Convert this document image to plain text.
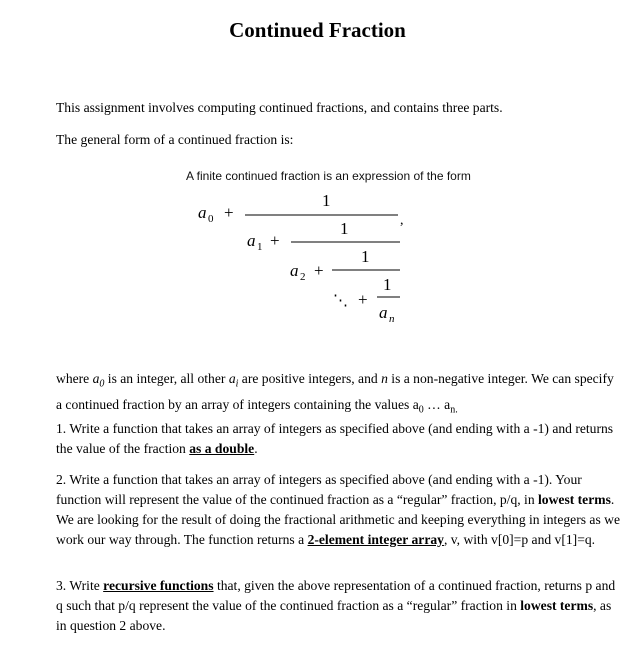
Continued Fraction
This assignment involves computing continued fractions, and contains three parts.
The general form of a continued fraction is:
A finite continued fraction is an expression of the form
1
a 0 +	,
1
a 1 +
1
a 2 +
1
⋱ +
a n
where $a_0$ is an integer, all other $a_i$ are positive integers, and n is a non-negative integer. We can specify a continued fraction by an array of integers containing the values $a_0$ … $a_{n.}$
1. Write a function that takes an array of integers as specified above (and ending with a -1) and returns the value of the fraction as a double.
2. Write a function that takes an array of integers as specified above (and ending with a -1). Your function will represent the value of the continued fraction as a “regular” fraction, p/q, in lowest terms. We are looking for the result of doing the fractional arithmetic and keeping everything in integers as we work our way through. The function returns a 2-element integer array, v, with v[0]=p and v[1]=q.
3. Write recursive functions that, given the above representation of a continued fraction, returns p and q such that p/q represent the value of the continued fraction as a “regular” fraction in lowest terms, as in question 2 above.
